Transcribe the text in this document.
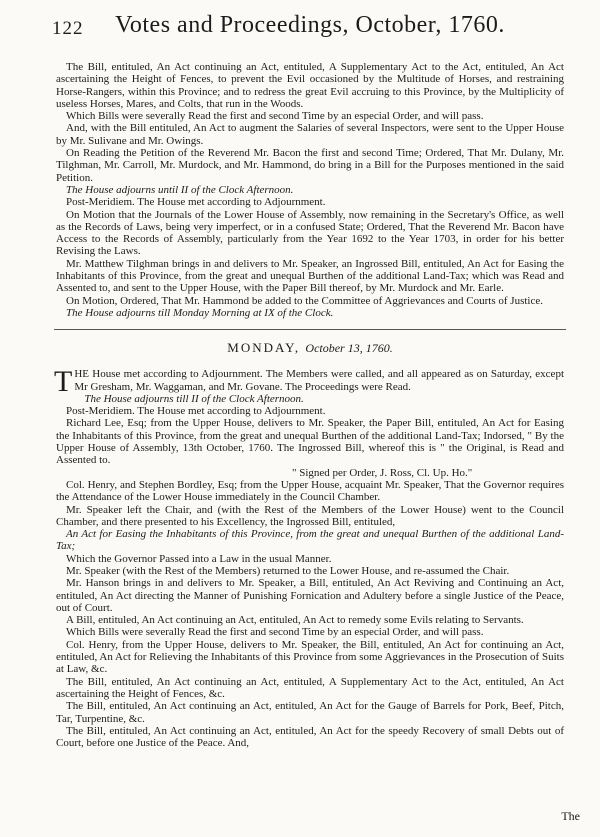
122	Votes and Proceedings, October, 1760.

The Bill, entituled, An Act continuing an Act, entituled, A Supplementary Act to the Act, entituled, An Act ascertaining the Height of Fences, to prevent the Evil occasioned by the Multitude of Horses, and restraining Horse-Rangers, within this Province; and to redress the great Evil accruing to this Province, by the Multiplicity of useless Horses, Mares, and Colts, that run in the Woods.

Which Bills were severally Read the first and second Time by an especial Order, and will pass.

And, with the Bill entituled, An Act to augment the Salaries of several Inspectors, were sent to the Upper House by Mr. Sulivane and Mr. Owings.

On Reading the Petition of the Reverend Mr. Bacon the first and second Time; Ordered, That Mr. Dulany, Mr. Tilghman, Mr. Carroll, Mr. Murdock, and Mr. Hammond, do bring in a Bill for the Purposes mentioned in the said Petition.

The House adjourns until II of the Clock Afternoon.

Post-Meridiem. The House met according to Adjournment.

On Motion that the Journals of the Lower House of Assembly, now remaining in the Secretary's Office, as well as the Records of Laws, being very imperfect, or in a confused State; Ordered, That the Reverend Mr. Bacon have Access to the Records of Assembly, particularly from the Year 1692 to the Year 1703, in order for his better Revising the Laws.

Mr. Matthew Tilghman brings in and delivers to Mr. Speaker, an Ingrossed Bill, entituled, An Act for Easing the Inhabitants of this Province, from the great and unequal Burthen of the additional Land-Tax; which was Read and Assented to, and sent to the Upper House, with the Paper Bill thereof, by Mr. Murdock and Mr. Earle.

On Motion, Ordered, That Mr. Hammond be added to the Committee of Aggrievances and Courts of Justice.

The House adjourns till Monday Morning at IX of the Clock.

MONDAY, October 13, 1760.

THE House met according to Adjournment. The Members were called, and all appeared as on Saturday, except Mr Gresham, Mr. Waggaman, and Mr. Govane. The Proceedings were Read.

The House adjourns till II of the Clock Afternoon.

Post-Meridiem. The House met according to Adjournment.

Richard Lee, Esq; from the Upper House, delivers to Mr. Speaker, the Paper Bill, entituled, An Act for Easing the Inhabitants of this Province, from the great and unequal Burthen of the additional Land-Tax; Indorsed, " By the Upper House of Assembly, 13th October, 1760. The Ingrossed Bill, whereof this is " the Original, is Read and Assented to.

" Signed per Order, J. Ross, Cl. Up. Ho."

Col. Henry, and Stephen Bordley, Esq; from the Upper House, acquaint Mr. Speaker, That the Governor requires the Attendance of the Lower House immediately in the Council Chamber.

Mr. Speaker left the Chair, and (with the Rest of the Members of the Lower House) went to the Council Chamber, and there presented to his Excellency, the Ingrossed Bill, entituled,

An Act for Easing the Inhabitants of this Province, from the great and unequal Burthen of the additional Land-Tax;

Which the Governor Passed into a Law in the usual Manner.

Mr. Speaker (with the Rest of the Members) returned to the Lower House, and re-assumed the Chair.

Mr. Hanson brings in and delivers to Mr. Speaker, a Bill, entituled, An Act Reviving and Continuing an Act, entituled, An Act directing the Manner of Punishing Fornication and Adultery before a single Justice of the Peace, out of Court.

A Bill, entituled, An Act continuing an Act, entituled, An Act to remedy some Evils relating to Servants.

Which Bills were severally Read the first and second Time by an especial Order, and will pass.

Col. Henry, from the Upper House, delivers to Mr. Speaker, the Bill, entituled, An Act for continuing an Act, entituled, An Act for Relieving the Inhabitants of this Province from some Aggrievances in the Prosecution of Suits at Law, &c.

The Bill, entituled, An Act continuing an Act, entituled, A Supplementary Act to the Act, entituled, An Act ascertaining the Height of Fences, &c.

The Bill, entituled, An Act continuing an Act, entituled, An Act for the Gauge of Barrels for Pork, Beef, Pitch, Tar, Turpentine, &c.

The Bill, entituled, An Act continuing an Act, entituled, An Act for the speedy Recovery of small Debts out of Court, before one Justice of the Peace. And,

The
